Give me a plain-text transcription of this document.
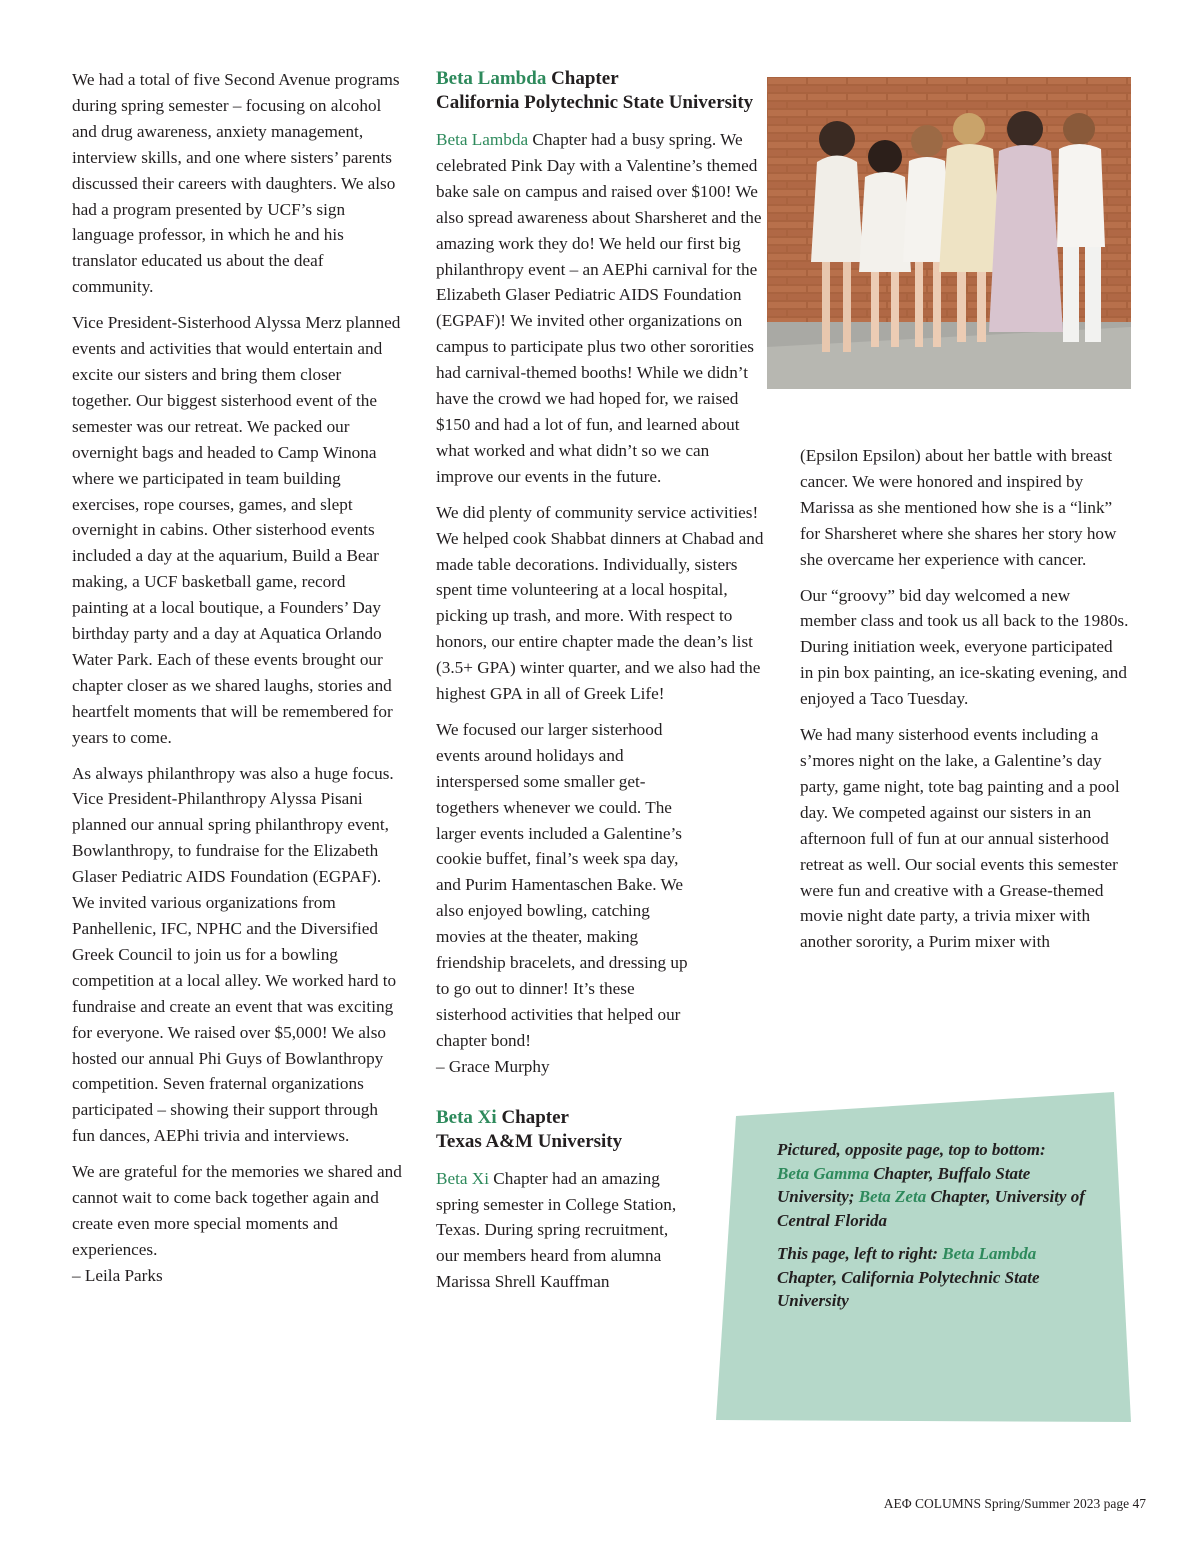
We had a total of five Second Avenue programs during spring semester – focusing on alcohol and drug awareness, anxiety management, interview skills, and one where sisters’ parents discussed their careers with daughters. We also had a program presented by UCF’s sign language professor, in which he and his translator educated us about the deaf community.

Vice President-Sisterhood Alyssa Merz planned events and activities that would entertain and excite our sisters and bring them closer together. Our biggest sisterhood event of the semester was our retreat. We packed our overnight bags and headed to Camp Winona where we participated in team building exercises, rope courses, games, and slept overnight in cabins. Other sisterhood events included a day at the aquarium, Build a Bear making, a UCF basketball game, record painting at a local boutique, a Founders’ Day birthday party and a day at Aquatica Orlando Water Park. Each of these events brought our chapter closer as we shared laughs, stories and heartfelt moments that will be remembered for years to come.

As always philanthropy was also a huge focus. Vice President-Philanthropy Alyssa Pisani planned our annual spring philanthropy event, Bowlanthropy, to fundraise for the Elizabeth Glaser Pediatric AIDS Foundation (EGPAF). We invited various organizations from Panhellenic, IFC, NPHC and the Diversified Greek Council to join us for a bowling competition at a local alley. We worked hard to fundraise and create an event that was exciting for everyone. We raised over $5,000! We also hosted our annual Phi Guys of Bowlanthropy competition. Seven fraternal organizations participated – showing their support through fun dances, AEPhi trivia and interviews.

We are grateful for the memories we shared and cannot wait to come back together again and create even more special moments and experiences.
– Leila Parks

Beta Lambda Chapter
California Polytechnic State University

Beta Lambda Chapter had a busy spring. We celebrated Pink Day with a Valentine’s themed bake sale on campus and raised over $100! We also spread awareness about Sharsheret and the amazing work they do! We held our first big philanthropy event – an AEPhi carnival for the Elizabeth Glaser Pediatric AIDS Foundation (EGPAF)! We invited other organizations on campus to participate plus two other sororities had carnival-themed booths! While we didn’t have the crowd we had hoped for, we raised $150 and had a lot of fun, and learned about what worked and what didn’t so we can improve our events in the future.

We did plenty of community service activities! We helped cook Shabbat dinners at Chabad and made table decorations. Individually, sisters spent time volunteering at a local hospital, picking up trash, and more. With respect to honors, our entire chapter made the dean’s list (3.5+ GPA) winter quarter, and we also had the highest GPA in all of Greek Life!

We focused our larger sisterhood events around holidays and interspersed some smaller get-togethers whenever we could. The larger events included a Galentine’s cookie buffet, final’s week spa day, and Purim Hamentaschen Bake. We also enjoyed bowling, catching movies at the theater, making friendship bracelets, and dressing up to go out to dinner! It’s these sisterhood activities that helped our chapter bond!
– Grace Murphy

Beta Xi Chapter
Texas A&M University

Beta Xi Chapter had an amazing spring semester in College Station, Texas. During spring recruitment, our members heard from alumna Marissa Shrell Kauffman

(Epsilon Epsilon) about her battle with breast cancer. We were honored and inspired by Marissa as she mentioned how she is a “link” for Sharsheret where she shares her story how she overcame her experience with cancer.

Our “groovy” bid day welcomed a new member class and took us all back to the 1980s. During initiation week, everyone participated in pin box painting, an ice-skating evening, and enjoyed a Taco Tuesday.

We had many sisterhood events including a s’mores night on the lake, a Galentine’s day party, game night, tote bag painting and a pool day. We competed against our sisters in an afternoon full of fun at our annual sisterhood retreat as well. Our social events this semester were fun and creative with a Grease-themed movie night date party, a trivia mixer with another sorority, a Purim mixer with

Pictured, opposite page, top to bottom:
Beta Gamma Chapter, Buffalo State University; Beta Zeta Chapter, University of Central Florida

This page, left to right: Beta Lambda Chapter, California Polytechnic State University

AEΦ COLUMNS Spring/Summer 2023 page 47
